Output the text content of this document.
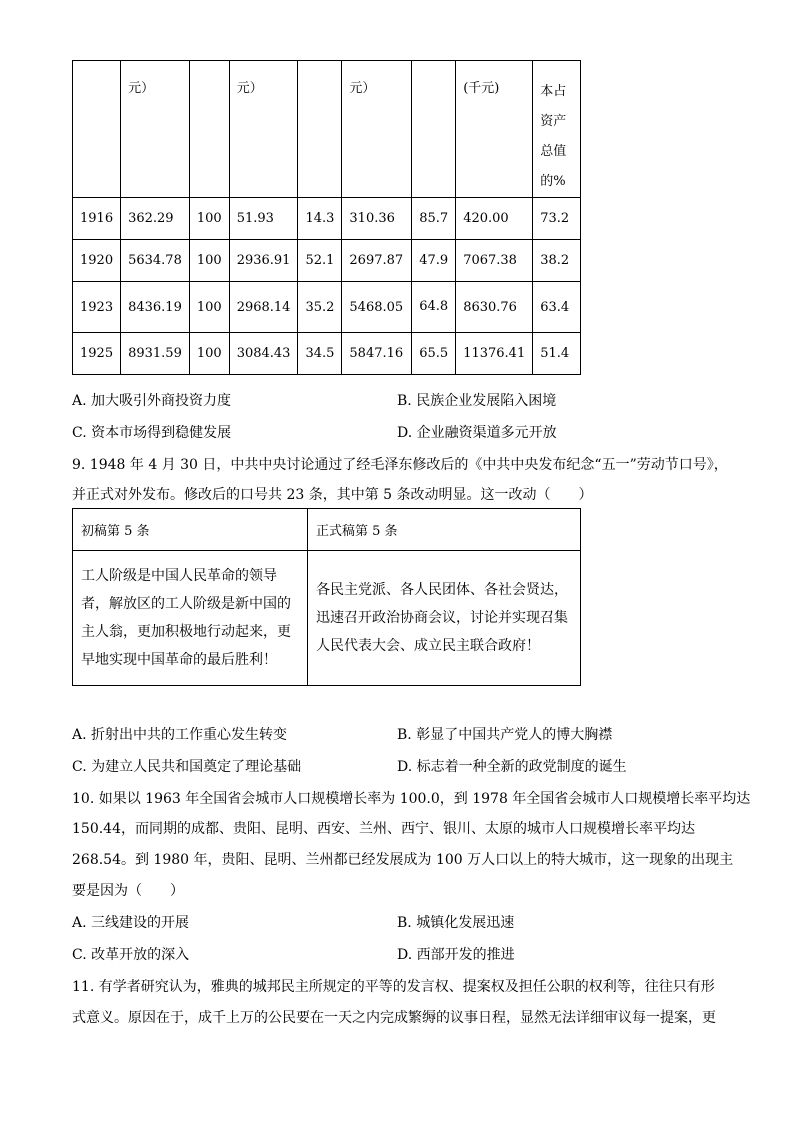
	元）		元）		元）		(千元)	本占资产总值的%
1916	362.29	100	51.93	14.3	310.36	85.7	420.00	73.2
1920	5634.78	100	2936.91	52.1	2697.87	47.9	7067.38	38.2
1923	8436.19	100	2968.14	35.2	5468.05	64.8	8630.76	63.4
1925	8931.59	100	3084.43	34.5	5847.16	65.5	11376.41	51.4
A. 加大吸引外商投资力度	B. 民族企业发展陷入困境
C. 资本市场得到稳健发展	D. 企业融资渠道多元开放
9. 1948 年 4 月 30 日，中共中央讨论通过了经毛泽东修改后的《中共中央发布纪念“五一”劳动节口号》，
并正式对外发布。修改后的口号共 23 条，其中第 5 条改动明显。这一改动（　　）
初稿第 5 条	正式稿第 5 条
工人阶级是中国人民革命的领导者，解放区的工人阶级是新中国的主人翁，更加积极地行动起来，更早地实现中国革命的最后胜利！	各民主党派、各人民团体、各社会贤达，迅速召开政治协商会议，讨论并实现召集人民代表大会、成立民主联合政府！
A. 折射出中共的工作重心发生转变	B. 彰显了中国共产党人的博大胸襟
C. 为建立人民共和国奠定了理论基础	D. 标志着一种全新的政党制度的诞生
10. 如果以 1963 年全国省会城市人口规模增长率为 100.0，到 1978 年全国省会城市人口规模增长率平均达
150.44，而同期的成都、贵阳、昆明、西安、兰州、西宁、银川、太原的城市人口规模增长率平均达
268.54。到 1980 年，贵阳、昆明、兰州都已经发展成为 100 万人口以上的特大城市，这一现象的出现主
要是因为（　　）
A. 三线建设的开展	B. 城镇化发展迅速
C. 改革开放的深入	D. 西部开发的推进
11. 有学者研究认为，雅典的城邦民主所规定的平等的发言权、提案权及担任公职的权利等，往往只有形
式意义。原因在于，成千上万的公民要在一天之内完成繁缛的议事日程，显然无法详细审议每一提案，更
